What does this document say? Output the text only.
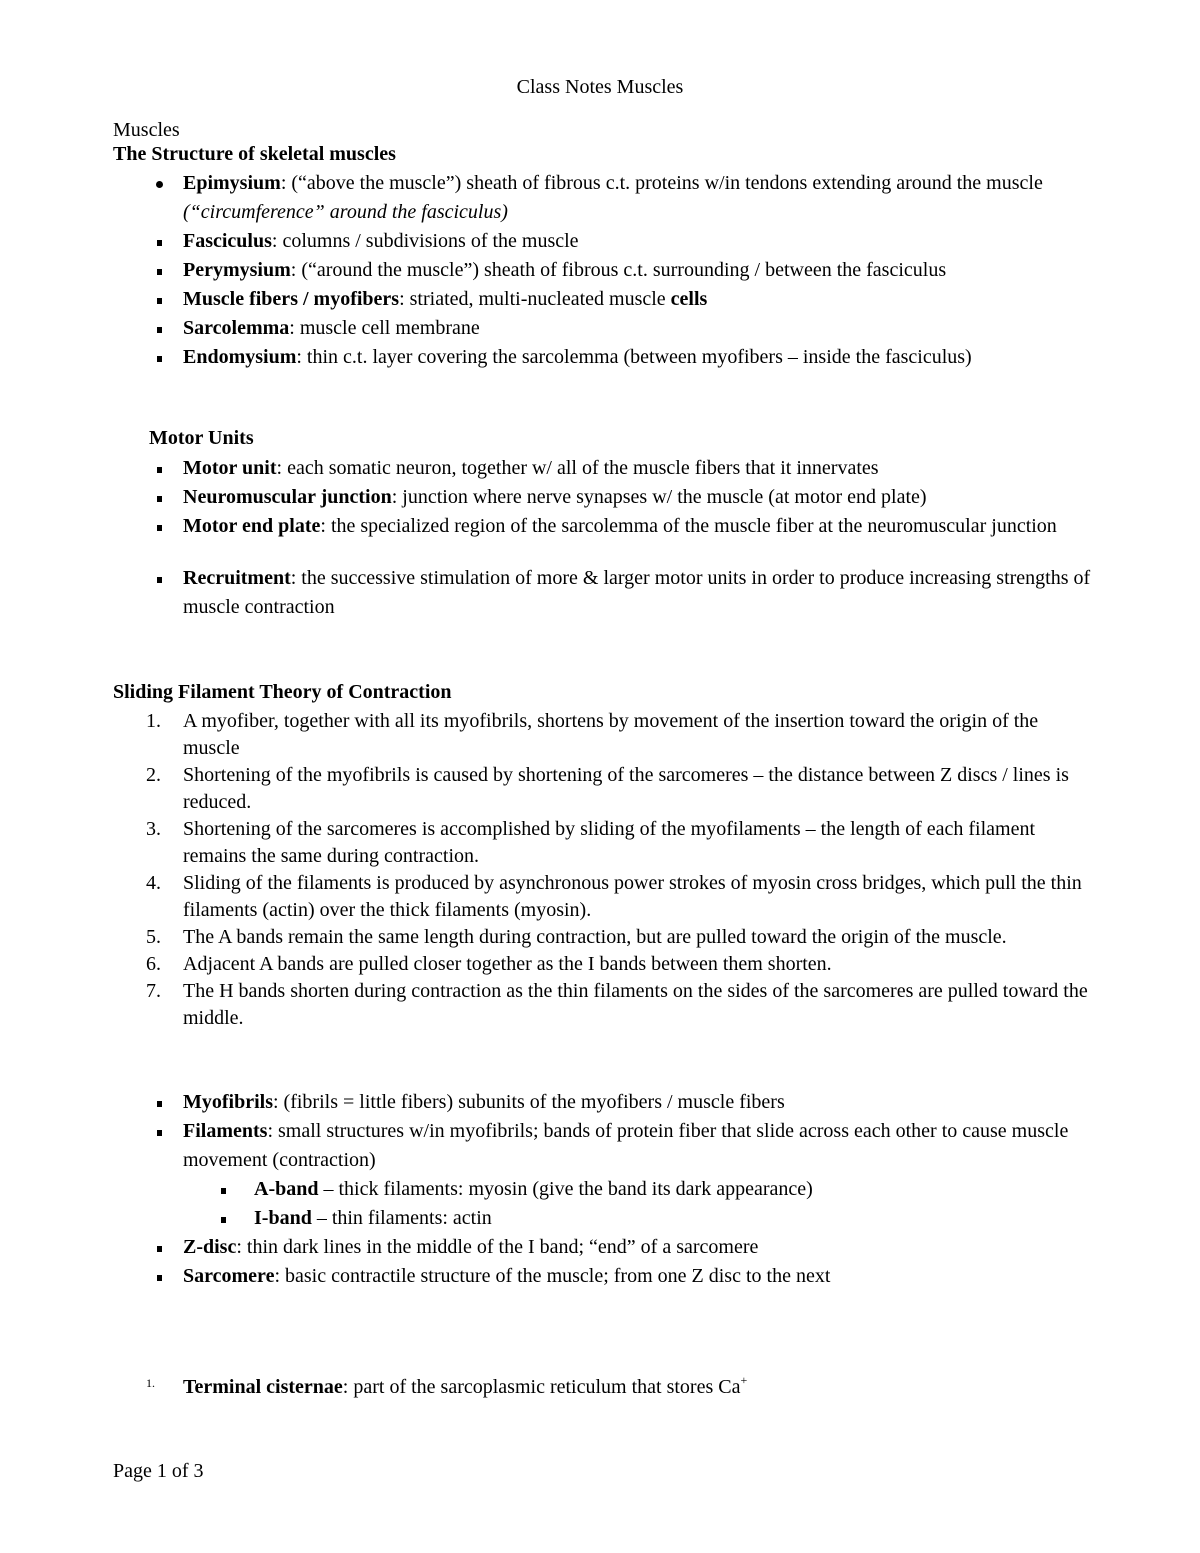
Class Notes Muscles
Muscles
The Structure of skeletal muscles
Epimysium: (“above the muscle”) sheath of fibrous c.t. proteins w/in tendons extending around the muscle (“circumference” around the fasciculus)
Fasciculus: columns / subdivisions of the muscle
Perymysium: (“around the muscle”) sheath of fibrous c.t. surrounding / between the fasciculus
Muscle fibers / myofibers: striated, multi-nucleated muscle cells
Sarcolemma: muscle cell membrane
Endomysium: thin c.t. layer covering the sarcolemma (between myofibers – inside the fasciculus)
Motor Units
Motor unit: each somatic neuron, together w/ all of the muscle fibers that it innervates
Neuromuscular junction: junction where nerve synapses w/ the muscle (at motor end plate)
Motor end plate: the specialized region of the sarcolemma of the muscle fiber at the neuromuscular junction
Recruitment: the successive stimulation of more & larger motor units in order to produce increasing strengths of muscle contraction
Sliding Filament Theory of Contraction
1. A myofiber, together with all its myofibrils, shortens by movement of the insertion toward the origin of the muscle
2. Shortening of the myofibrils is caused by shortening of the sarcomeres – the distance between Z discs / lines is reduced.
3. Shortening of the sarcomeres is accomplished by sliding of the myofilaments – the length of each filament remains the same during contraction.
4. Sliding of the filaments is produced by asynchronous power strokes of myosin cross bridges, which pull the thin filaments (actin) over the thick filaments (myosin).
5. The A bands remain the same length during contraction, but are pulled toward the origin of the muscle.
6. Adjacent A bands are pulled closer together as the I bands between them shorten.
7. The H bands shorten during contraction as the thin filaments on the sides of the sarcomeres are pulled toward the middle.
Myofibrils: (fibrils = little fibers) subunits of the myofibers / muscle fibers
Filaments: small structures w/in myofibrils; bands of protein fiber that slide across each other to cause muscle movement (contraction)
A-band – thick filaments: myosin (give the band its dark appearance)
I-band – thin filaments: actin
Z-disc: thin dark lines in the middle of the I band; “end” of a sarcomere
Sarcomere: basic contractile structure of the muscle; from one Z disc to the next
1. Terminal cisternae: part of the sarcoplasmic reticulum that stores Ca+
Page 1 of 3
